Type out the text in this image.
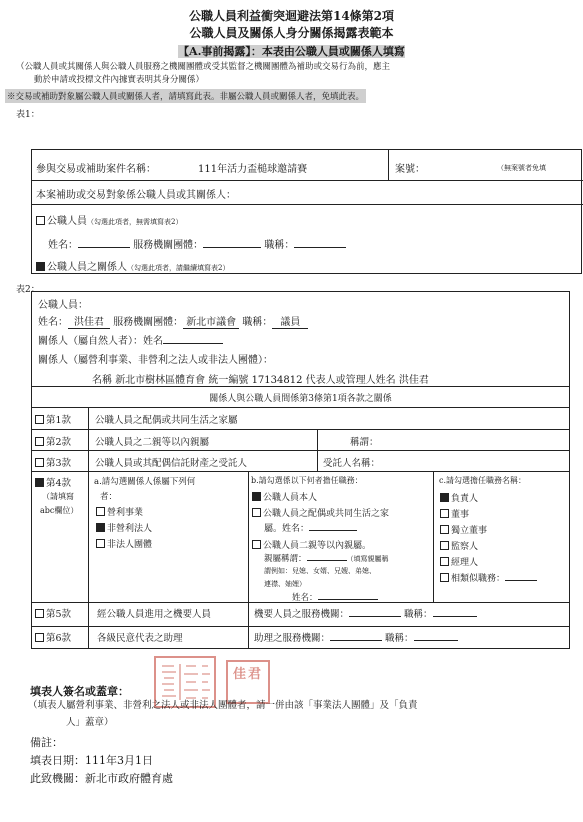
公職人員利益衝突迴避法第14條第2項
公職人員及關係人身分關係揭露表範本
【A.事前揭露】：本表由公職人員或關係人填寫
（公職人員或其關係人與公職人員服務之機關團體或受其監督之機關團體為補助或交易行為前，應主
動於申請或投標文件內據實表明其身分關係）
※交易或補助對象屬公職人員或關係人者，請填寫此表。非屬公職人員或關係人者，免填此表。
表1：
參與交易或補助案件名稱：	111年活力盃槌球邀請賽	案號：	（無案號者免填
本案補助或交易對象係公職人員或其關係人：
公職人員（勾選此項者，無需填寫表2）
姓名：	服務機關團體：	職稱：
公職人員之關係人（勾選此項者，請繼續填寫表2）
表2：
公職人員：
姓名： 洪佳君 服務機關團體： 新北市議會 職稱： 議員
關係人（屬自然人者）：姓名
關係人（屬營利事業、非營利之法人或非法人團體）：
名稱 新北市樹林區體育會 統一編號 17134812 代表人或管理人姓名 洪佳君
關係人與公職人員間係第3條第1項各款之關係
第1款	公職人員之配偶或共同生活之家屬
第2款	公職人員之二親等以內親屬	稱謂：
第3款	公職人員或其配偶信託財產之受託人	受託人名稱：
第4款
（請填寫
abc欄位）
a.請勾選關係人係屬下列何
者：
營利事業
非營利法人
非法人團體
b.請勾選係以下何者擔任職務：
公職人員本人
公職人員之配偶或共同生活之家
屬。姓名：
公職人員二親等以內親屬。
親屬稱謂：	（填寫親屬稱
謂例如：兒媳、女婿、兄嫂、弟媳、
連襟、妯娌）
姓名：
c.請勾選擔任職務名稱：
負責人
董事
獨立董事
監察人
經理人
相類似職務：
第5款	經公職人員進用之機要人員	機要人員之服務機關：	職稱：
第6款	各級民意代表之助理	助理之服務機關：	職稱：
佳君
填表人簽名或蓋章：
（填表人屬營利事業、非營利之法人或非法人團體者，請一併由該「事業法人團體」及「負責
人」蓋章）
備註：
填表日期：111年3月1日
此致機關：新北市政府體育處
